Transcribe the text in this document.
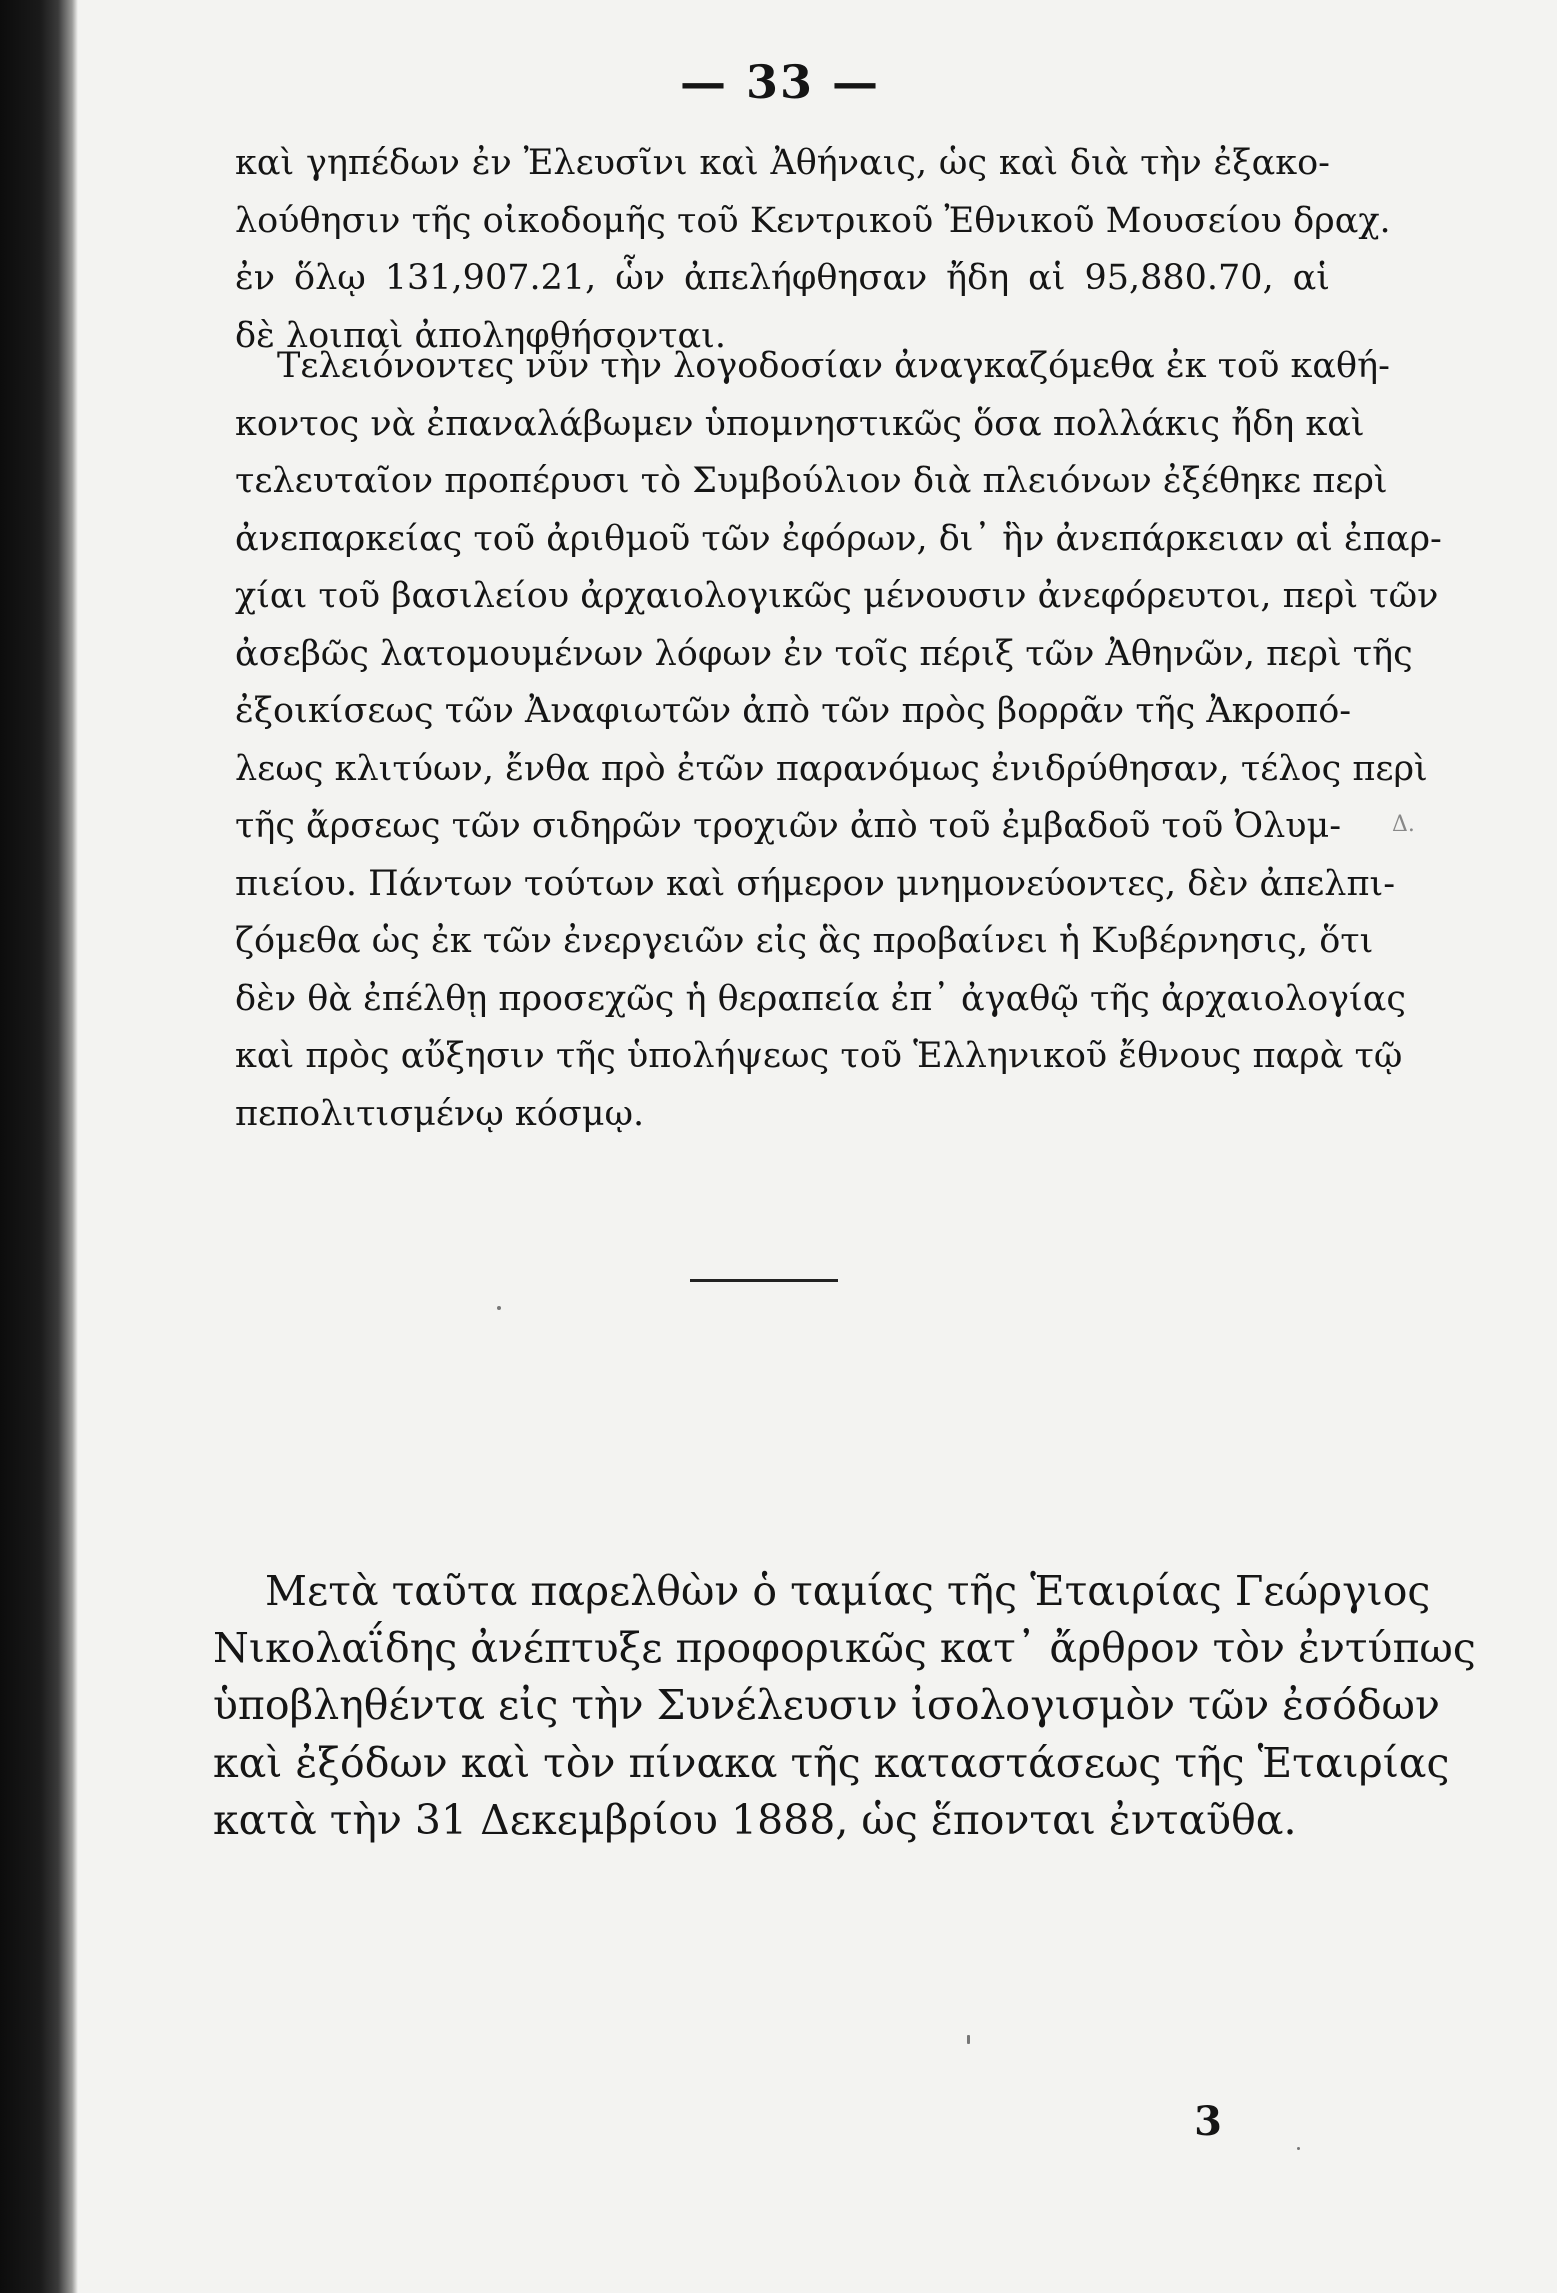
— 33 —
καὶ γηπέδων ἐν Ἐλευσῖνι καὶ Ἀθήναις, ὡς καὶ διὰ τὴν ἐξακο-
λούθησιν τῆς οἰκοδομῆς τοῦ Κεντρικοῦ Ἐθνικοῦ Μουσείου δραχ.
ἐν ὅλῳ 131,907.21, ὧν ἀπελήφθησαν ἤδη αἱ 95,880.70, αἱ
δὲ λοιπαὶ ἀποληφθήσονται.
Τελειόνοντες νῦν τὴν λογοδοσίαν ἀναγκαζόμεθα ἐκ τοῦ καθή-
κοντος νὰ ἐπαναλάβωμεν ὑπομνηστικῶς ὅσα πολλάκις ἤδη καὶ
τελευταῖον προπέρυσι τὸ Συμβούλιον διὰ πλειόνων ἐξέθηκε περὶ
ἀνεπαρκείας τοῦ ἀριθμοῦ τῶν ἐφόρων, δι᾽ ἣν ἀνεπάρκειαν αἱ ἐπαρ-
χίαι τοῦ βασιλείου ἀρχαιολογικῶς μένουσιν ἀνεφόρευτοι, περὶ τῶν
ἀσεβῶς λατομουμένων λόφων ἐν τοῖς πέριξ τῶν Ἀθηνῶν, περὶ τῆς
ἐξοικίσεως τῶν Ἀναφιωτῶν ἀπὸ τῶν πρὸς βορρᾶν τῆς Ἀκροπό-
λεως κλιτύων, ἔνθα πρὸ ἐτῶν παρανόμως ἐνιδρύθησαν, τέλος περὶ
τῆς ἄρσεως τῶν σιδηρῶν τροχιῶν ἀπὸ τοῦ ἐμβαδοῦ τοῦ Ὀλυμ-
πιείου. Πάντων τούτων καὶ σήμερον μνημονεύοντες, δὲν ἀπελπι-
ζόμεθα ὡς ἐκ τῶν ἐνεργειῶν εἰς ἃς προβαίνει ἡ Κυβέρνησις, ὅτι
δὲν θὰ ἐπέλθῃ προσεχῶς ἡ θεραπεία ἐπ᾽ ἀγαθῷ τῆς ἀρχαιολογίας
καὶ πρὸς αὔξησιν τῆς ὑπολήψεως τοῦ Ἑλληνικοῦ ἔθνους παρὰ τῷ
πεπολιτισμένῳ κόσμῳ.
Δ.
Μετὰ ταῦτα παρελθὼν ὁ ταμίας τῆς Ἑταιρίας Γεώργιος
Νικολαΐδης ἀνέπτυξε προφορικῶς κατ᾽ ἄρθρον τὸν ἐντύπως
ὑποβληθέντα εἰς τὴν Συνέλευσιν ἰσολογισμὸν τῶν ἐσόδων
καὶ ἐξόδων καὶ τὸν πίνακα τῆς καταστάσεως τῆς Ἑταιρίας
κατὰ τὴν 31 Δεκεμβρίου 1888, ὡς ἕπονται ἐνταῦθα.
3
